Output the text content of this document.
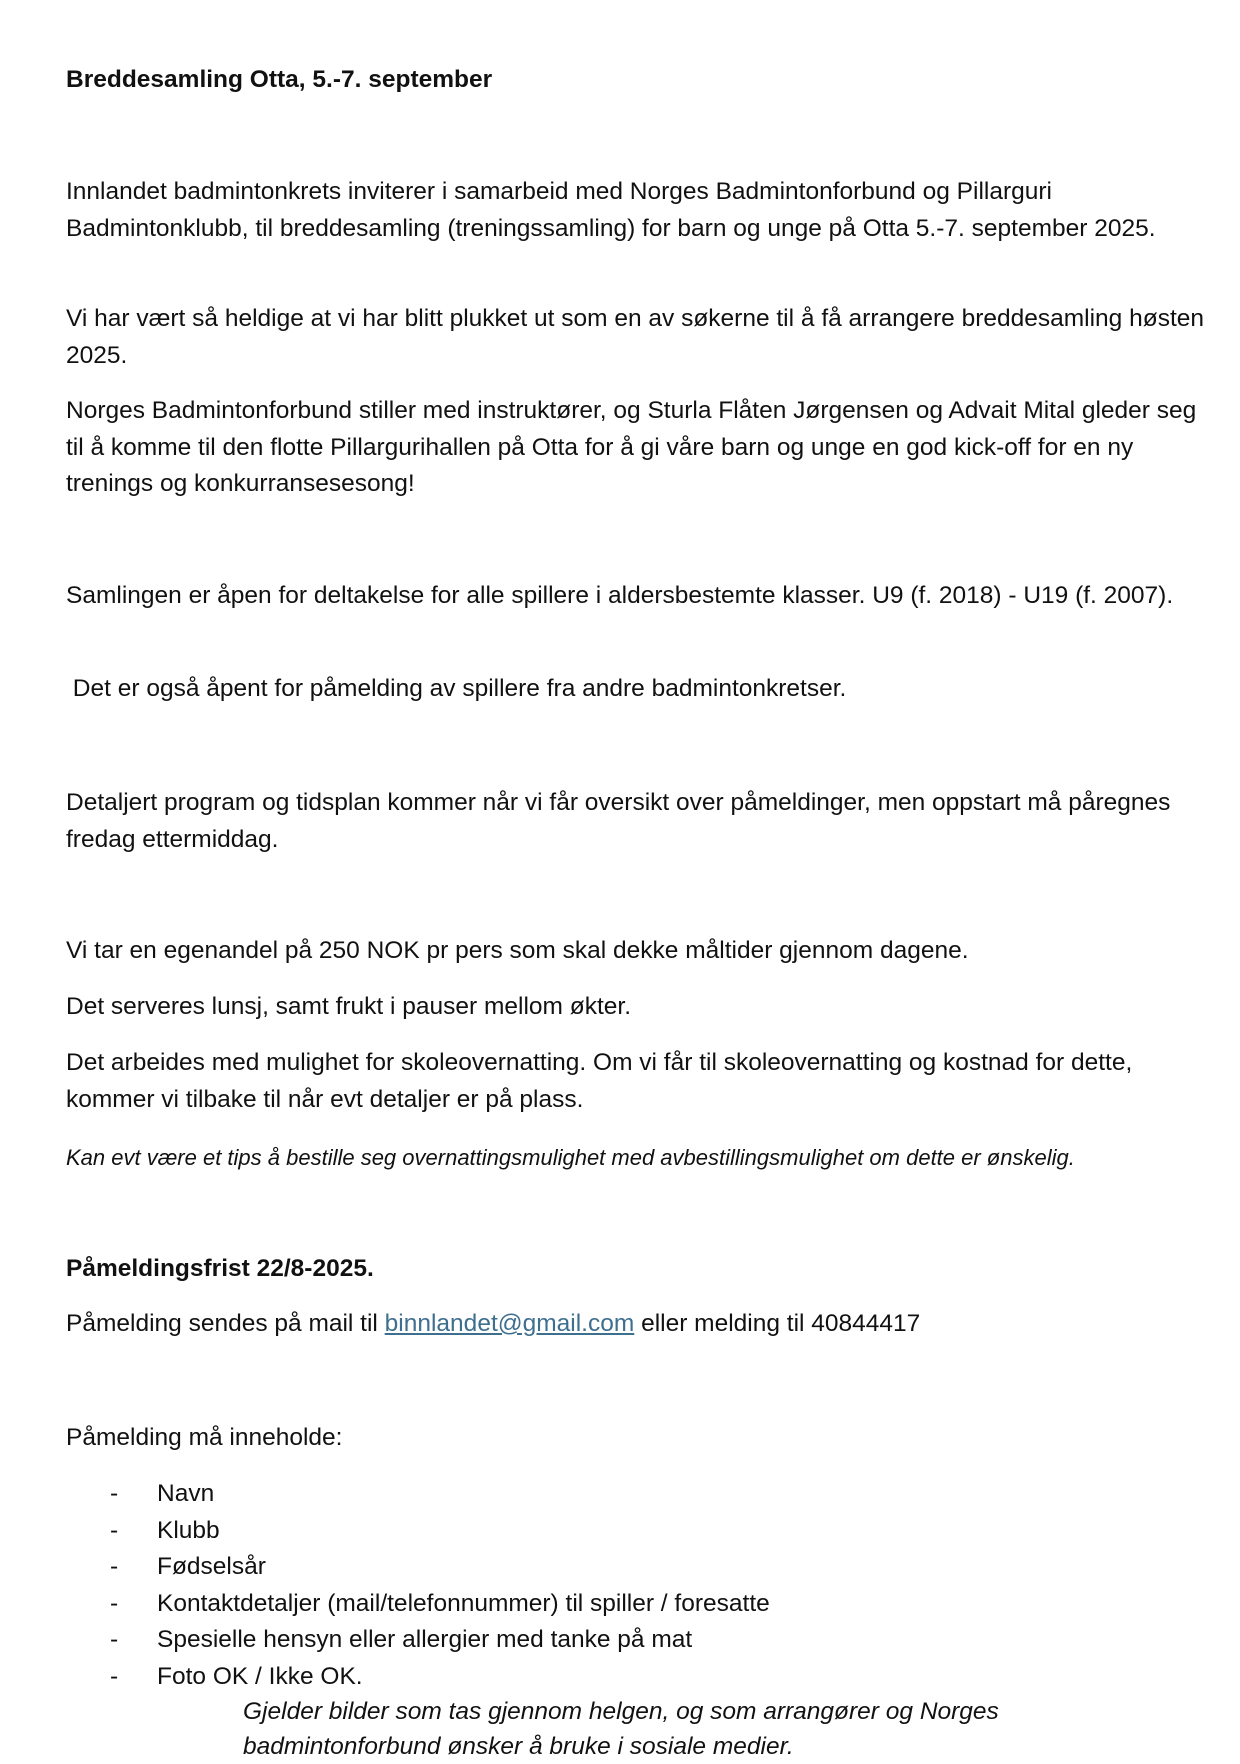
Breddesamling Otta, 5.-7. september

Innlandet badmintonkrets inviterer i samarbeid med Norges Badmintonforbund og Pillarguri Badmintonklubb, til breddesamling (treningssamling) for barn og unge på Otta 5.-7. september 2025.

Vi har vært så heldige at vi har blitt plukket ut som en av søkerne til å få arrangere breddesamling høsten 2025.

Norges Badmintonforbund stiller med instruktører, og Sturla Flåten Jørgensen og Advait Mital gleder seg til å komme til den flotte Pillargurihallen på Otta for å gi våre barn og unge en god kick-off for en ny trenings og konkurransesesong!

Samlingen er åpen for deltakelse for alle spillere i aldersbestemte klasser. U9 (f. 2018) - U19 (f. 2007).

Det er også åpent for påmelding av spillere fra andre badmintonkretser.

Detaljert program og tidsplan kommer når vi får oversikt over påmeldinger, men oppstart må påregnes fredag ettermiddag.

Vi tar en egenandel på 250 NOK pr pers som skal dekke måltider gjennom dagene.

Det serveres lunsj, samt frukt i pauser mellom økter.

Det arbeides med mulighet for skoleovernatting. Om vi får til skoleovernatting og kostnad for dette, kommer vi tilbake til når evt detaljer er på plass.

Kan evt være et tips å bestille seg overnattingsmulighet med avbestillingsmulighet om dette er ønskelig.

Påmeldingsfrist 22/8-2025.

Påmelding sendes på mail til binnlandet@gmail.com eller melding til 40844417

Påmelding må inneholde:

- Navn
- Klubb
- Fødselsår
- Kontaktdetaljer (mail/telefonnummer) til spiller / foresatte
- Spesielle hensyn eller allergier med tanke på mat
- Foto OK / Ikke OK.

Gjelder bilder som tas gjennom helgen, og som arrangører og Norges badmintonforbund ønsker å bruke i sosiale medier.
